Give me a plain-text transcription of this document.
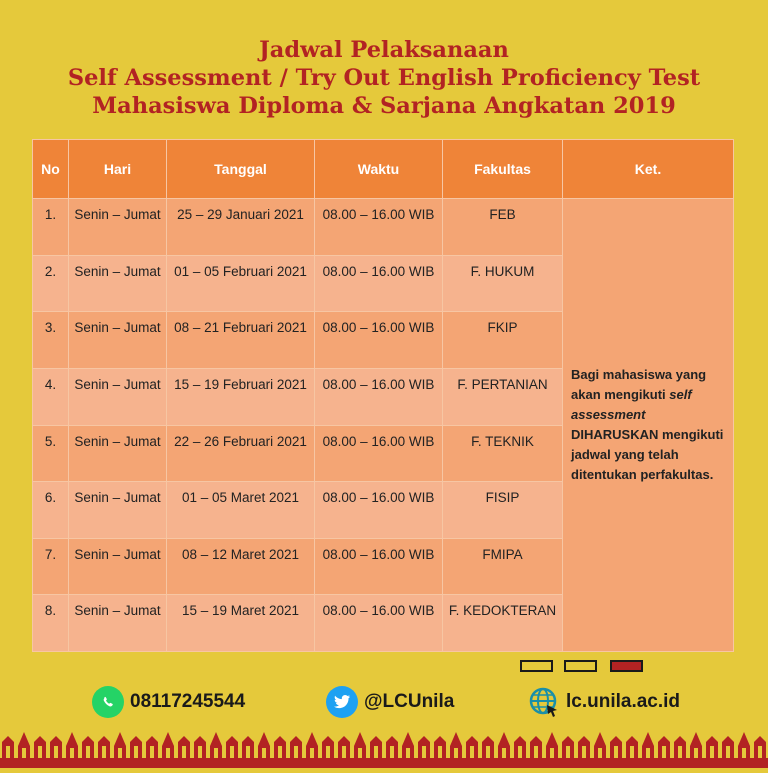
Jadwal Pelaksanaan
Self Assessment / Try Out English Proficiency Test
Mahasiswa Diploma & Sarjana Angkatan 2019
No	Hari	Tanggal	Waktu	Fakultas	Ket.
1.	Senin – Jumat	25 – 29 Januari 2021	08.00 – 16.00 WIB	FEB	Bagi mahasiswa yang akan mengikuti self assessment DIHARUSKAN mengikuti jadwal yang telah ditentukan perfakultas.
2.	Senin – Jumat	01 – 05 Februari 2021	08.00 – 16.00 WIB	F. HUKUM	
3.	Senin – Jumat	08 – 21 Februari 2021	08.00 – 16.00 WIB	FKIP	
4.	Senin – Jumat	15 – 19 Februari 2021	08.00 – 16.00 WIB	F. PERTANIAN	
5.	Senin – Jumat	22 – 26 Februari 2021	08.00 – 16.00 WIB	F. TEKNIK	
6.	Senin – Jumat	01 – 05 Maret 2021	08.00 – 16.00 WIB	FISIP	
7.	Senin – Jumat	08 – 12 Maret 2021	08.00 – 16.00 WIB	FMIPA	
8.	Senin – Jumat	15 – 19 Maret 2021	08.00 – 16.00 WIB	F. KEDOKTERAN	
08117245544	@LCUnila	lc.unila.ac.id
